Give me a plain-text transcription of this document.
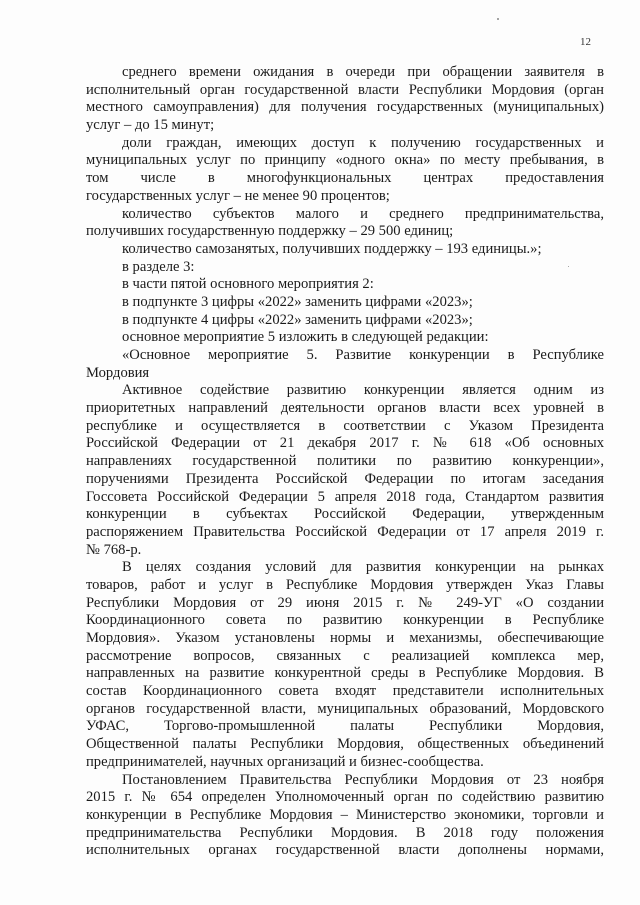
12
среднего времени ожидания в очереди при обращении заявителя в
исполнительный орган государственной власти Республики Мордовия (орган
местного самоуправления) для получения государственных (муниципальных)
услуг – до 15 минут;
доли граждан, имеющих доступ к получению государственных и
муниципальных услуг по принципу «одного окна» по месту пребывания, в
том числе в многофункциональных центрах предоставления
государственных услуг – не менее 90 процентов;
количество субъектов малого и среднего предпринимательства,
получивших государственную поддержку – 29 500 единиц;
количество самозанятых, получивших поддержку – 193 единицы.»;
в разделе 3:
в части пятой основного мероприятия 2:
в подпункте 3 цифры «2022» заменить цифрами «2023»;
в подпункте 4 цифры «2022» заменить цифрами «2023»;
основное мероприятие 5 изложить в следующей редакции:
«Основное мероприятие 5. Развитие конкуренции в Республике
Мордовия
Активное содействие развитию конкуренции является одним из
приоритетных направлений деятельности органов власти всех уровней в
республике и осуществляется в соответствии с Указом Президента
Российской Федерации от 21 декабря 2017 г. № 618 «Об основных
направлениях государственной политики по развитию конкуренции»,
поручениями Президента Российской Федерации по итогам заседания
Госсовета Российской Федерации 5 апреля 2018 года, Стандартом развития
конкуренции в субъектах Российской Федерации, утвержденным
распоряжением Правительства Российской Федерации от 17 апреля 2019 г.
№ 768-р.
В целях создания условий для развития конкуренции на рынках
товаров, работ и услуг в Республике Мордовия утвержден Указ Главы
Республики Мордовия от 29 июня 2015 г. № 249-УГ «О создании
Координационного совета по развитию конкуренции в Республике
Мордовия». Указом установлены нормы и механизмы, обеспечивающие
рассмотрение вопросов, связанных с реализацией комплекса мер,
направленных на развитие конкурентной среды в Республике Мордовия. В
состав Координационного совета входят представители исполнительных
органов государственной власти, муниципальных образований, Мордовского
УФАС, Торгово-промышленной палаты Республики Мордовия,
Общественной палаты Республики Мордовия, общественных объединений
предпринимателей, научных организаций и бизнес-сообщества.
Постановлением Правительства Республики Мордовия от 23 ноября
2015 г. № 654 определен Уполномоченный орган по содействию развитию
конкуренции в Республике Мордовия – Министерство экономики, торговли и
предпринимательства Республики Мордовия. В 2018 году положения
исполнительных органах государственной власти дополнены нормами,
